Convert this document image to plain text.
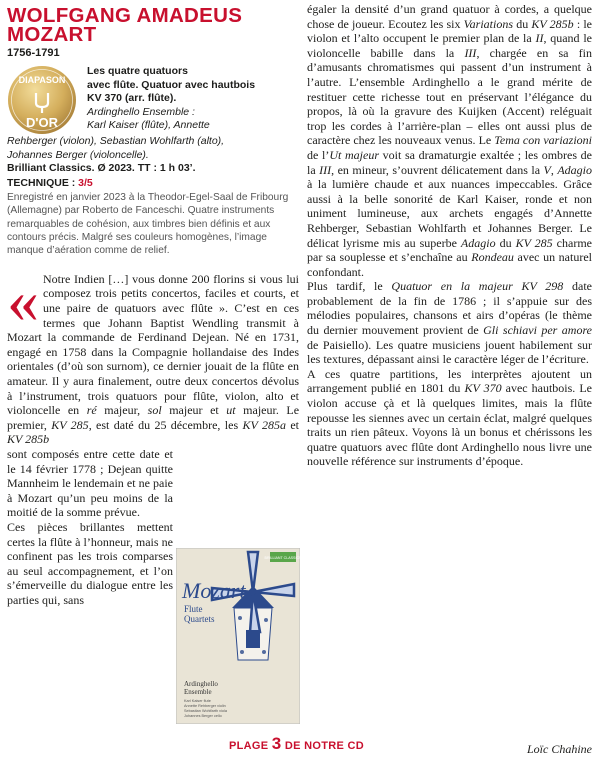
WOLFGANG AMADEUS
MOZART
1756-1791
DIAPASON
D'OR
Les quatre quatuors
avec flûte. Quatuor avec hautbois
KV 370 (arr. flûte).
Ardinghello Ensemble :
Karl Kaiser (flûte), Annette
Rehberger (violon), Sebastian Wohlfarth (alto),
Johannes Berger (violoncelle).
Brilliant Classics. Ø 2023. TT : 1 h 03’.
TECHNIQUE : 3/5
Enregistré en janvier 2023 à la Theodor-Egel-Saal de Fribourg (Allemagne) par Roberto de Fanceschi. Quatre instruments remarquables de cohésion, aux timbres bien définis et aux contours précis. Malgré ses couleurs homogènes, l’image manque d’aération comme de relief.

« Notre Indien […] vous donne 200 florins si vous lui composez trois petits concertos, faciles et courts, et une paire de quatuors avec flûte ». C’est en ces termes que Johann Baptist Wendling transmit à Mozart la commande de Ferdinand Dejean. Né en 1731, engagé en 1758 dans la Compagnie hollandaise des Indes orientales (d’où son surnom), ce dernier jouait de la flûte en amateur. Il y aura finalement, outre deux concertos dévolus à l’instrument, trois quatuors pour flûte, violon, alto et violoncelle en ré majeur, sol majeur et ut majeur. Le premier, KV 285, est daté du 25 décembre, les KV 285a et KV 285b
sont composés entre cette date et le 14 février 1778 ; Dejean quitte Mannheim le lendemain et ne paie à Mozart qu’un peu moins de la moitié de la somme prévue.

Ces pièces brillantes mettent certes la flûte à l’honneur, mais ne confinent pas les trois comparses au seul accompagnement, et l’on s’émerveille du dialogue entre les parties qui, sans

BRILLIANT CLASSICS
Mozart
Flute
Quartets
Ardinghello
Ensemble
Karl Kaiser flute
Annette Rehberger violin
Sebastian Wohlfarth viola
Johannes Berger cello
PLAGE 3 DE NOTRE CD

égaler la densité d’un grand quatuor à cordes, a quelque chose de joueur. Ecoutez les six Variations du KV 285b : le violon et l’alto occupent le premier plan de la II, quand le violoncelle babille dans la III, chargée en sa fin d’amusants chromatismes qui passent d’un instrument à l’autre. L’ensemble Ardinghello a le grand mérite de restituer cette richesse tout en préservant l’élégance du propos, là où la gravure des Kuijken (Accent) reléguait trop les cordes à l’arrière-plan – elles ont aussi plus de caractère chez les nouveaux venus. Le Tema con variazioni de l’Ut majeur voit sa dramaturgie exaltée ; les ombres de la III, en mineur, s’ouvrent délicatement dans la V, Adagio à la lumière chaude et aux nuances impeccables. Grâce aussi à la belle sonorité de Karl Kaiser, ronde et non uniment lumineuse, aux archets engagés d’Annette Rehberger, Sebastian Wohlfarth et Johannes Berger. Le délicat lyrisme mis au superbe Adagio du KV 285 charme par sa souplesse et s’enchaîne au Rondeau avec un naturel confondant.

Plus tardif, le Quatuor en la majeur KV 298 date probablement de la fin de 1786 ; il s’appuie sur des mélodies populaires, chansons et airs d’opéras (le thème du dernier mouvement provient de Gli schiavi per amore de Paisiello). Les quatre musiciens jouent habilement sur les textures, dépassant ainsi le caractère léger de l’écriture.

A ces quatre partitions, les interprètes ajoutent un arrangement publié en 1801 du KV 370 avec hautbois. Le violon accuse çà et là quelques limites, mais la flûte repousse les siennes avec un certain éclat, malgré quelques traits un rien pâteux. Voyons là un bonus et chérissons les quatre quatuors avec flûte dont Ardinghello nous livre une nouvelle référence sur instruments d’époque.

Loïc Chahine
